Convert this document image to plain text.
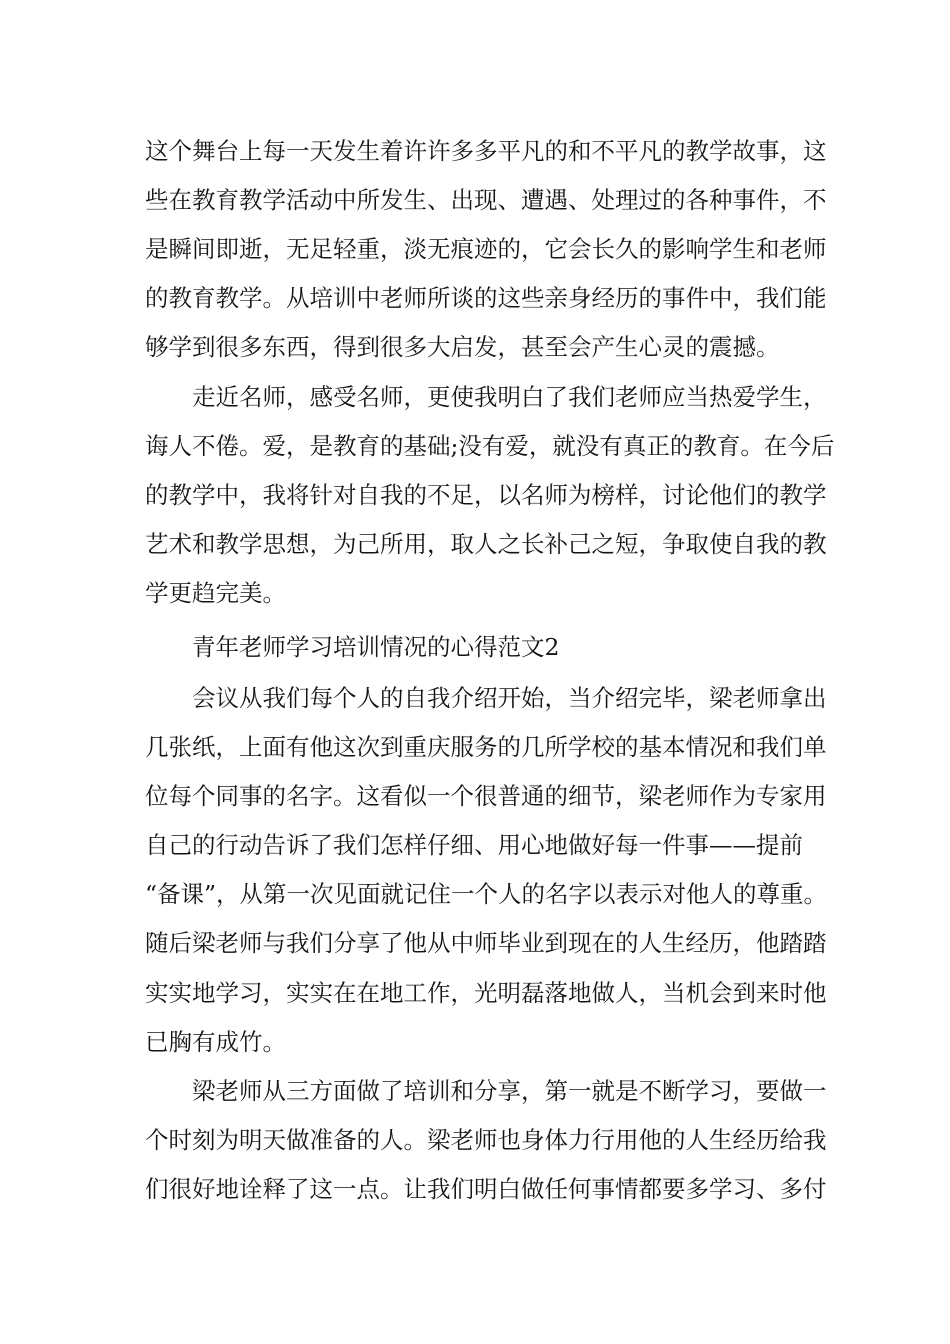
这个舞台上每一天发生着许许多多平凡的和不平凡的教学故事，这
些在教育教学活动中所发生、出现、遭遇、处理过的各种事件，不
是瞬间即逝，无足轻重，淡无痕迹的，它会长久的影响学生和老师
的教育教学。从培训中老师所谈的这些亲身经历的事件中，我们能
够学到很多东西，得到很多大启发，甚至会产生心灵的震撼。
走近名师，感受名师，更使我明白了我们老师应当热爱学生，
诲人不倦。爱，是教育的基础;没有爱，就没有真正的教育。在今后
的教学中，我将针对自我的不足，以名师为榜样，讨论他们的教学
艺术和教学思想，为己所用，取人之长补己之短，争取使自我的教
学更趋完美。
青年老师学习培训情况的心得范文2
会议从我们每个人的自我介绍开始，当介绍完毕，梁老师拿出
几张纸，上面有他这次到重庆服务的几所学校的基本情况和我们单
位每个同事的名字。这看似一个很普通的细节，梁老师作为专家用
自己的行动告诉了我们怎样仔细、用心地做好每一件事——提前
“备课”，从第一次见面就记住一个人的名字以表示对他人的尊重。
随后梁老师与我们分享了他从中师毕业到现在的人生经历，他踏踏
实实地学习，实实在在地工作，光明磊落地做人，当机会到来时他
已胸有成竹。
梁老师从三方面做了培训和分享，第一就是不断学习，要做一
个时刻为明天做准备的人。梁老师也身体力行用他的人生经历给我
们很好地诠释了这一点。让我们明白做任何事情都要多学习、多付
